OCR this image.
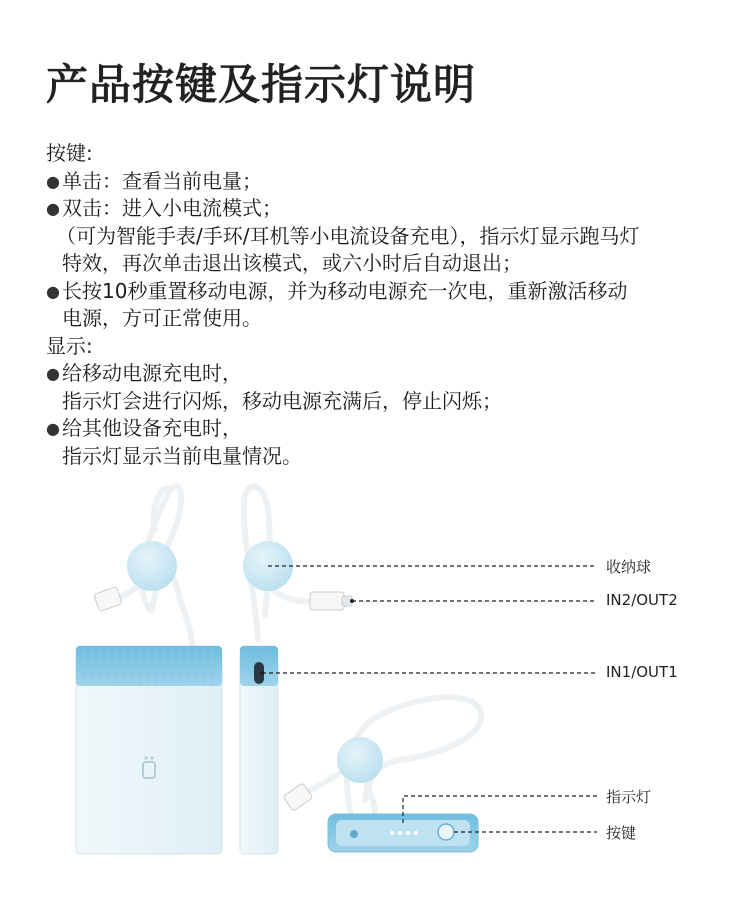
产品按键及指示灯说明

按键:

● 单击：查看当前电量；

● 双击：进入小电流模式；

（可为智能手表/手环/耳机等小电流设备充电），指示灯显示跑马灯

特效，再次单击退出该模式，或六小时后自动退出；

● 长按10秒重置移动电源，并为移动电源充一次电，重新激活移动

电源，方可正常使用。

显示:

● 给移动电源充电时，

指示灯会进行闪烁，移动电源充满后，停止闪烁；

● 给其他设备充电时，

指示灯显示当前电量情况。

收纳球
IN2/OUT2
IN1/OUT1
指示灯
按键
